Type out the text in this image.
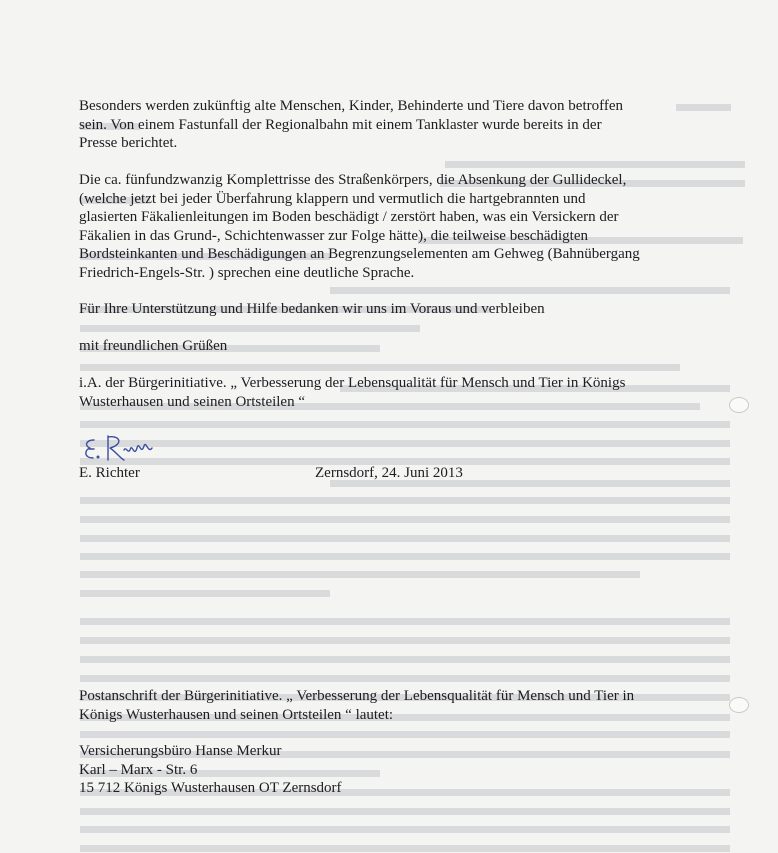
Besonders werden zukünftig alte Menschen, Kinder, Behinderte und Tiere davon betroffen
sein. Von einem Fastunfall der Regionalbahn mit einem Tanklaster wurde bereits in der
Presse berichtet.
Die ca. fünfundzwanzig Komplettrisse des Straßenkörpers, die Absenkung der Gullideckel,
(welche jetzt bei jeder Überfahrung klappern und vermutlich die hartgebrannten und
glasierten Fäkalienleitungen im Boden beschädigt / zerstört haben, was ein Versickern der
Fäkalien in das Grund-, Schichtenwasser zur Folge hätte), die teilweise beschädigten
Bordsteinkanten und Beschädigungen an Begrenzungselementen am Gehweg (Bahnübergang
Friedrich-Engels-Str. ) sprechen eine deutliche Sprache.
Für Ihre Unterstützung und Hilfe bedanken wir uns im Voraus und verbleiben
mit freundlichen Grüßen
i.A. der Bürgerinitiative. „ Verbesserung der Lebensqualität für Mensch und Tier in Königs
Wusterhausen und seinen Ortsteilen “
E. Richter	Zernsdorf, 24. Juni 2013
Postanschrift der Bürgerinitiative. „ Verbesserung der Lebensqualität für Mensch und Tier in
Königs Wusterhausen und seinen Ortsteilen “ lautet:
Versicherungsbüro Hanse Merkur
Karl – Marx - Str. 6
15 712 Königs Wusterhausen OT Zernsdorf
